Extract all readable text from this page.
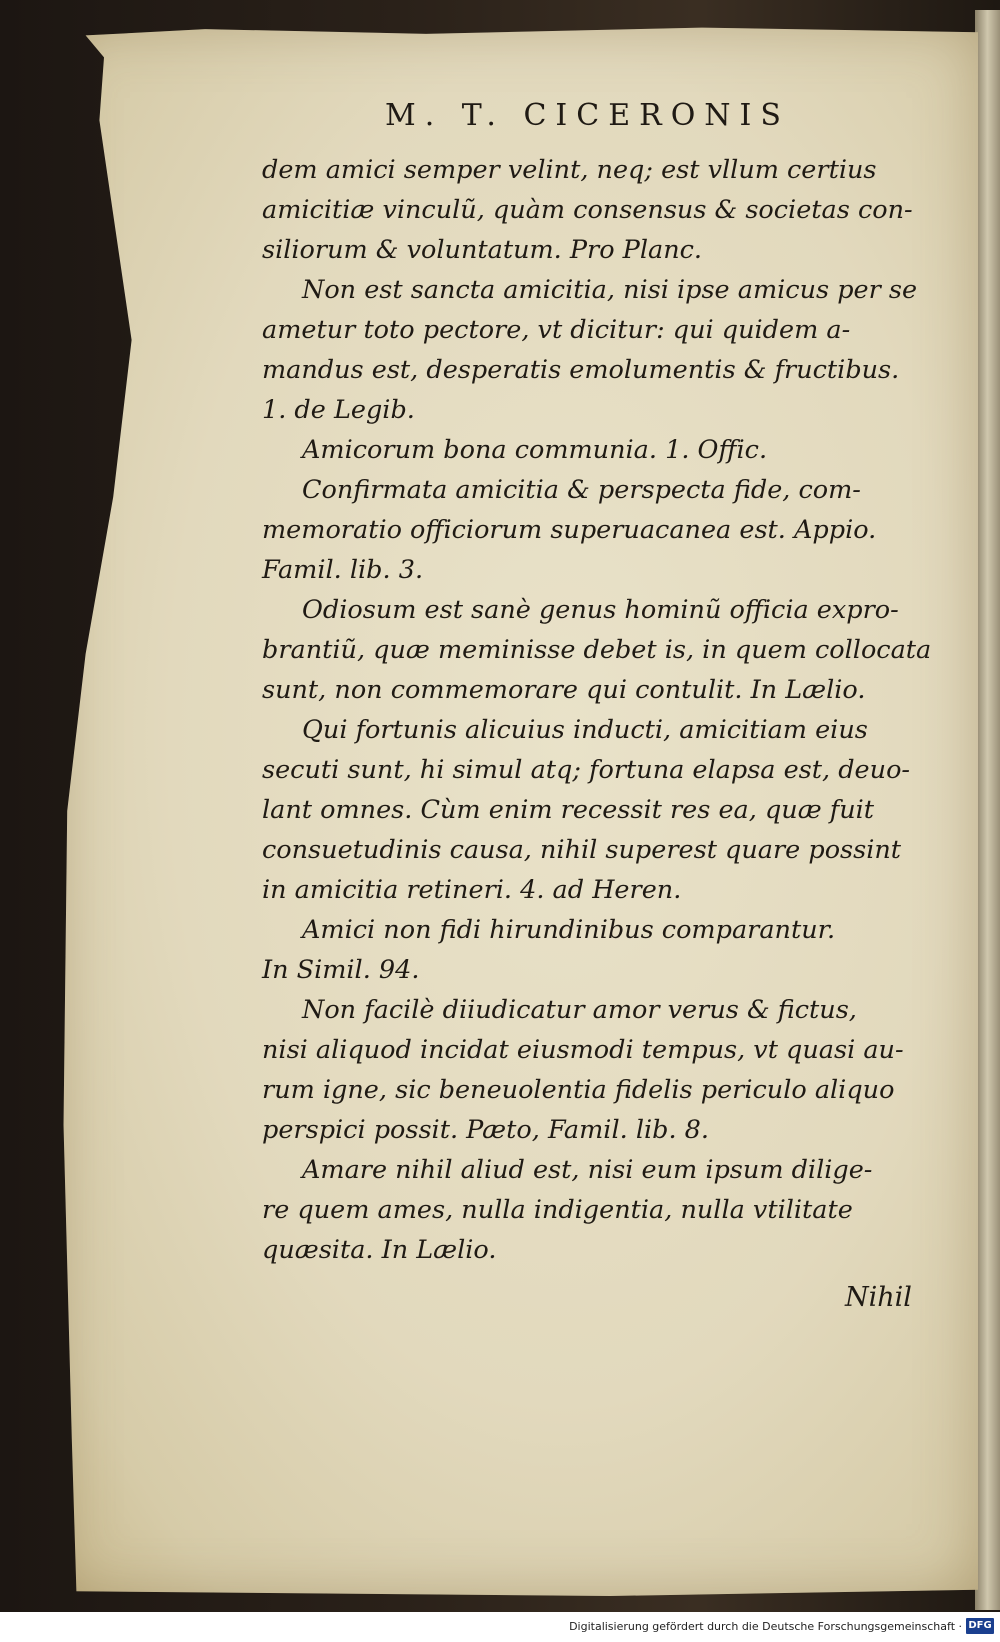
M. T. CICERONIS
dem amici semper velint, neq; est vllum certius
amicitiæ vinculũ, quàm consensus & societas con-
siliorum & voluntatum. Pro Planc.
Non est sancta amicitia, nisi ipse amicus per se
ametur toto pectore, vt dicitur: qui quidem a-
mandus est, desperatis emolumentis & fructibus.
1. de Legib.
Amicorum bona communia. 1. Offic.
Confirmata amicitia & perspecta fide, com-
memoratio officiorum superuacanea est. Appio.
Famil. lib. 3.
Odiosum est sanè genus hominũ officia expro-
brantiũ, quæ meminisse debet is, in quem collocata
sunt, non commemorare qui contulit. In Lælio.
Qui fortunis alicuius inducti, amicitiam eius
secuti sunt, hi simul atq; fortuna elapsa est, deuo-
lant omnes. Cùm enim recessit res ea, quæ fuit
consuetudinis causa, nihil superest quare possint
in amicitia retineri. 4. ad Heren.
Amici non fidi hirundinibus comparantur.
In Simil. 94.
Non facilè diiudicatur amor verus & fictus,
nisi aliquod incidat eiusmodi tempus, vt quasi au-
rum igne, sic beneuolentia fidelis periculo aliquo
perspici possit. Pæto, Famil. lib. 8.
Amare nihil aliud est, nisi eum ipsum dilige-
re quem ames, nulla indigentia, nulla vtilitate
quæsita. In Lælio.
Nihil
Digitalisierung gefördert durch die Deutsche Forschungsgemeinschaft · DFG
